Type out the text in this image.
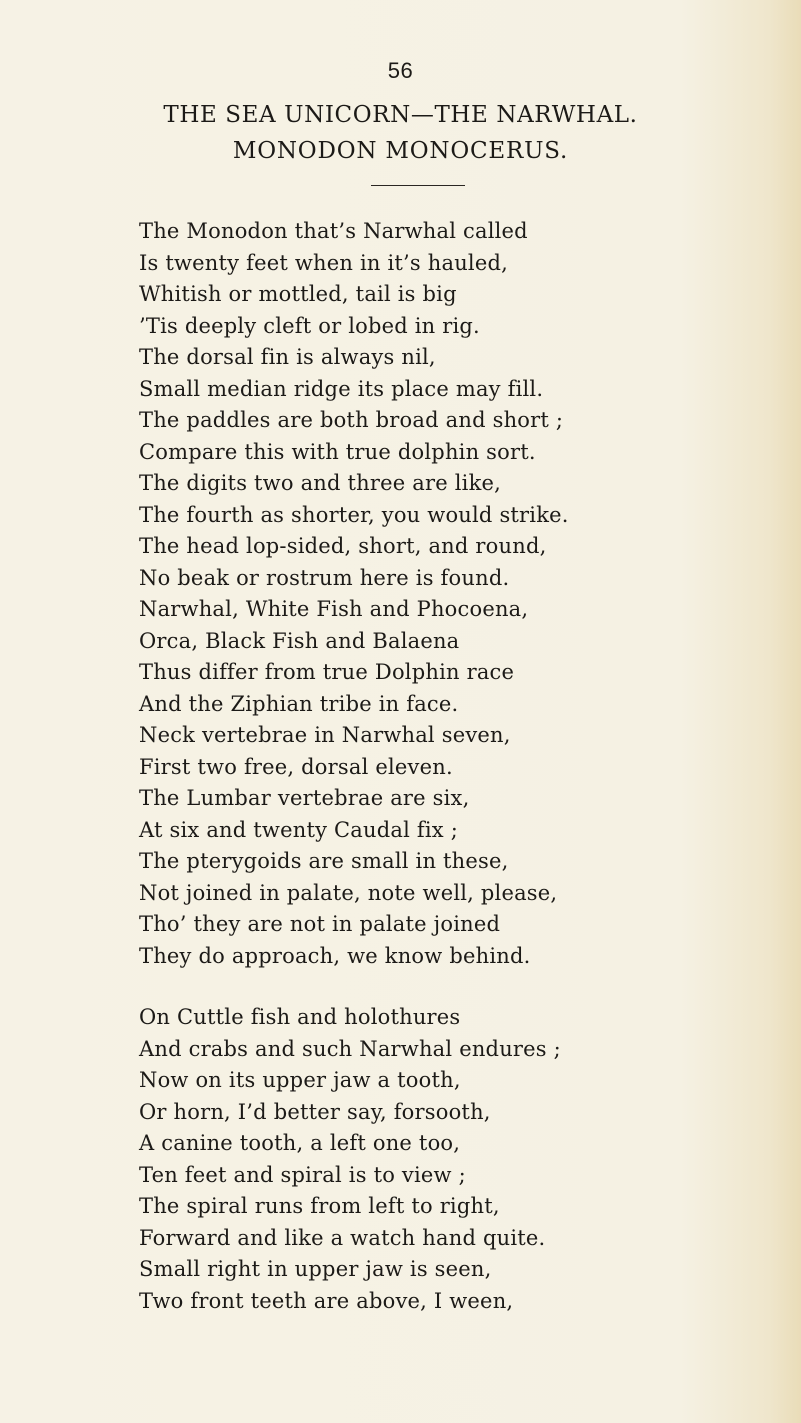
56
THE SEA UNICORN—THE NARWHAL.
MONODON MONOCERUS.
The Monodon that’s Narwhal called
Is twenty feet when in it’s hauled,
Whitish or mottled, tail is big
’Tis deeply cleft or lobed in rig.
The dorsal fin is always nil,
Small median ridge its place may fill.
The paddles are both broad and short ;
Compare this with true dolphin sort.
The digits two and three are like,
The fourth as shorter, you would strike.
The head lop-sided, short, and round,
No beak or rostrum here is found.
Narwhal, White Fish and Phocoena,
Orca, Black Fish and Balaena
Thus differ from true Dolphin race
And the Ziphian tribe in face.
Neck vertebrae in Narwhal seven,
First two free, dorsal eleven.
The Lumbar vertebrae are six,
At six and twenty Caudal fix ;
The pterygoids are small in these,
Not joined in palate, note well, please,
Tho’ they are not in palate joined
They do approach, we know behind.
On Cuttle fish and holothures
And crabs and such Narwhal endures ;
Now on its upper jaw a tooth,
Or horn, I’d better say, forsooth,
A canine tooth, a left one too,
Ten feet and spiral is to view ;
The spiral runs from left to right,
Forward and like a watch hand quite.
Small right in upper jaw is seen,
Two front teeth are above, I ween,
